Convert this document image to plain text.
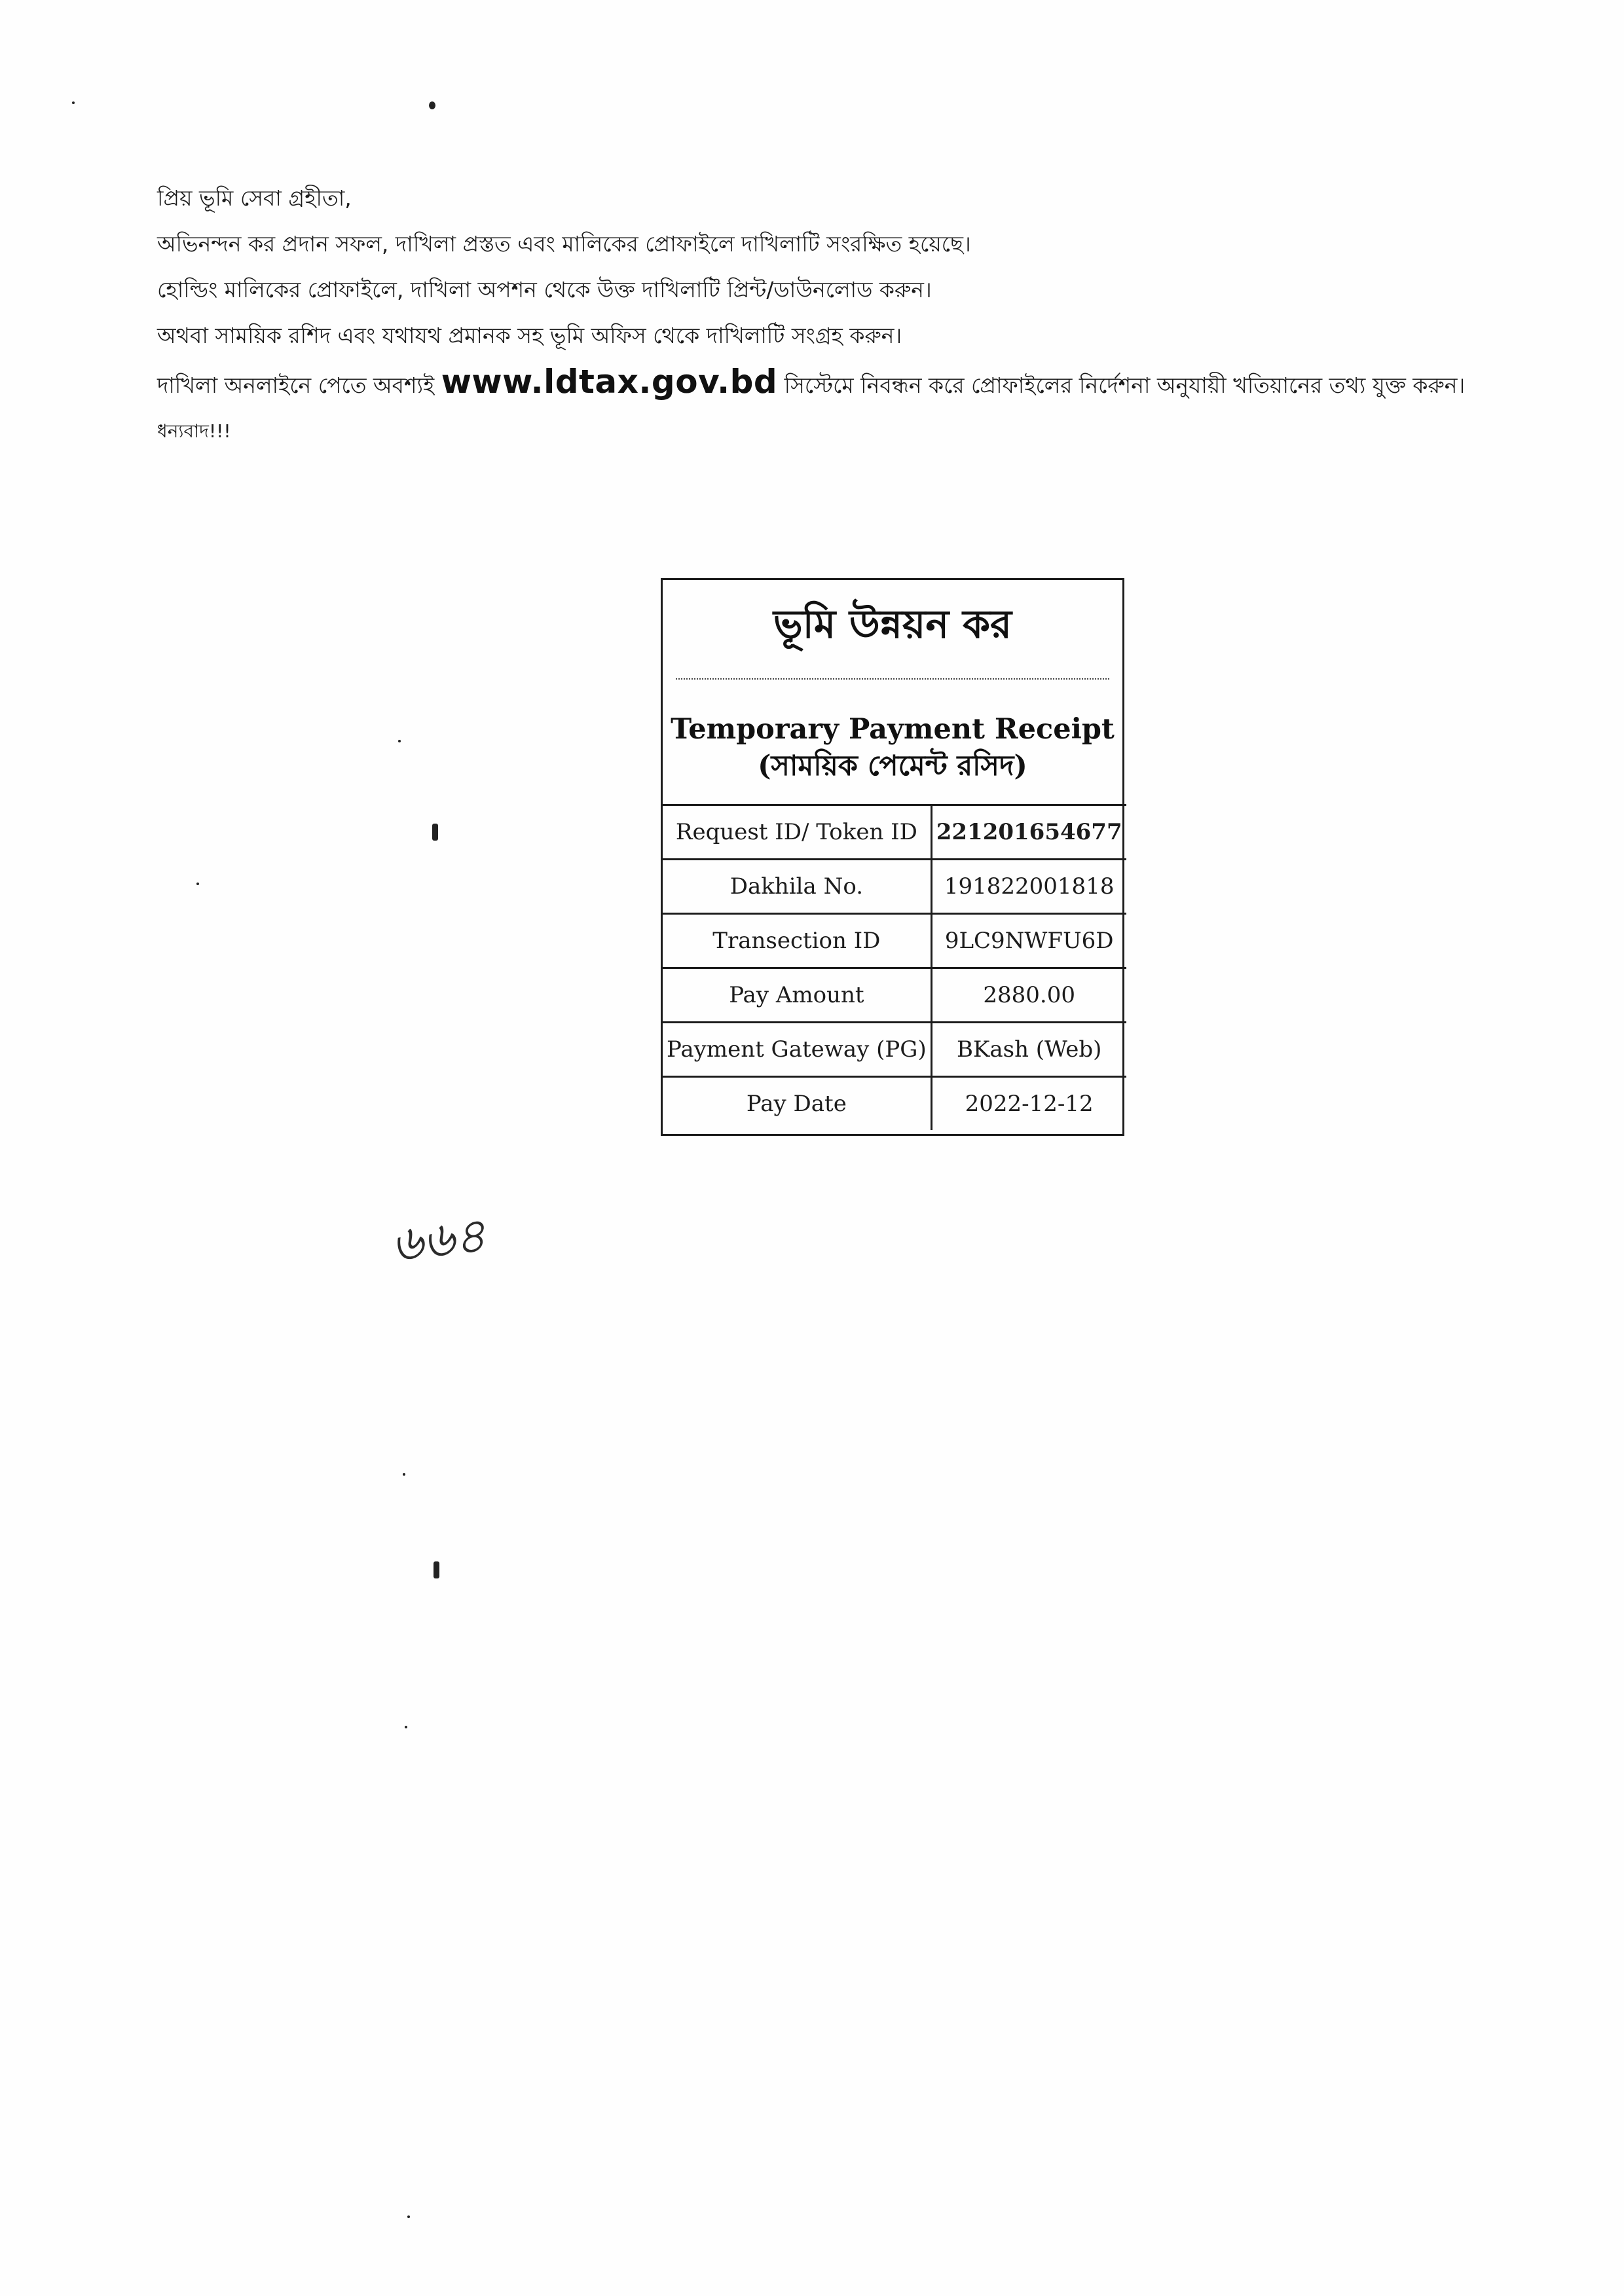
প্রিয় ভূমি সেবা গ্রহীতা,
অভিনন্দন কর প্রদান সফল, দাখিলা প্রস্তত এবং মালিকের প্রোফাইলে দাখিলাটি সংরক্ষিত হয়েছে।
হোল্ডিং মালিকের প্রোফাইলে, দাখিলা অপশন থেকে উক্ত দাখিলাটি প্রিন্ট/ডাউনলোড করুন।
অথবা সাময়িক রশিদ এবং যথাযথ প্রমানক সহ ভূমি অফিস থেকে দাখিলাটি সংগ্রহ করুন।
দাখিলা অনলাইনে পেতে অবশ্যই www.ldtax.gov.bd সিস্টেমে নিবন্ধন করে প্রোফাইলের নির্দেশনা অনুযায়ী খতিয়ানের তথ্য যুক্ত করুন।
ধন্যবাদ!!!
ভূমি উন্নয়ন কর
Temporary Payment Receipt
(সাময়িক পেমেন্ট রসিদ)
Request ID/ Token ID	221201654677
Dakhila No.	191822001818
Transection ID	9LC9NWFU6D
Pay Amount	2880.00
Payment Gateway (PG)	BKash (Web)
Pay Date	2022-12-12
৬৬৪
